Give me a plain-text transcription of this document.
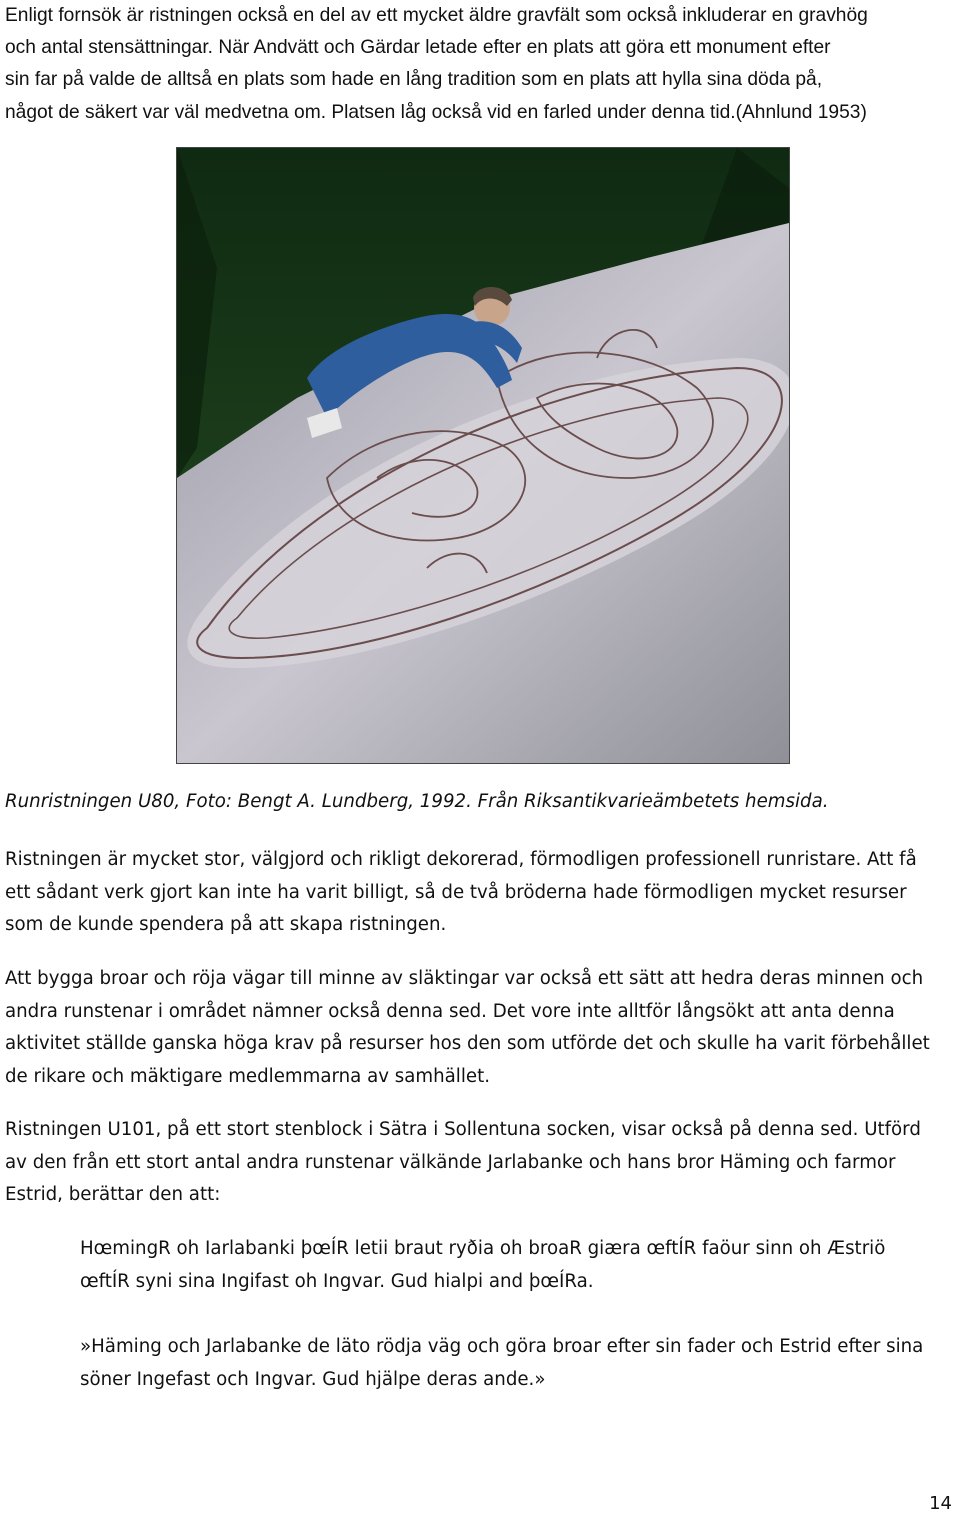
Enligt fornsök är ristningen också en del av ett mycket äldre gravfält som också inkluderar en gravhög
och antal stensättningar. När Andvätt och Gärdar letade efter en plats att göra ett monument efter
sin far på valde de alltså en plats som hade en lång tradition som en plats att hylla sina döda på,
något de säkert var väl medvetna om. Platsen låg också vid en farled under denna tid.(Ahnlund 1953)

Runristningen U80, Foto: Bengt A. Lundberg, 1992. Från Riksantikvarieämbetets hemsida.

Ristningen är mycket stor, välgjord och rikligt dekorerad, förmodligen professionell runristare. Att få
ett sådant verk gjort kan inte ha varit billigt, så de två bröderna hade förmodligen mycket resurser
som de kunde spendera på att skapa ristningen.

Att bygga broar och röja vägar till minne av släktingar var också ett sätt att hedra deras minnen och
andra runstenar i området nämner också denna sed. Det vore inte alltför långsökt att anta denna
aktivitet ställde ganska höga krav på resurser hos den som utförde det och skulle ha varit förbehållet
de rikare och mäktigare medlemmarna av samhället.

Ristningen U101, på ett stort stenblock i Sätra i Sollentuna socken, visar också på denna sed. Utförd
av den från ett stort antal andra runstenar välkände Jarlabanke och hans bror Häming och farmor
Estrid, berättar den att:

HœmingR oh Iarlabanki þœÍR letii braut ryðia oh broaR giæra œftÍR faöur sinn oh Æstriö
œftÍR syni sina Ingifast oh Ingvar. Gud hialpi and þœÍRa.

»Häming och Jarlabanke de läto rödja väg och göra broar efter sin fader och Estrid efter sina
söner Ingefast och Ingvar. Gud hjälpe deras ande.»

14
